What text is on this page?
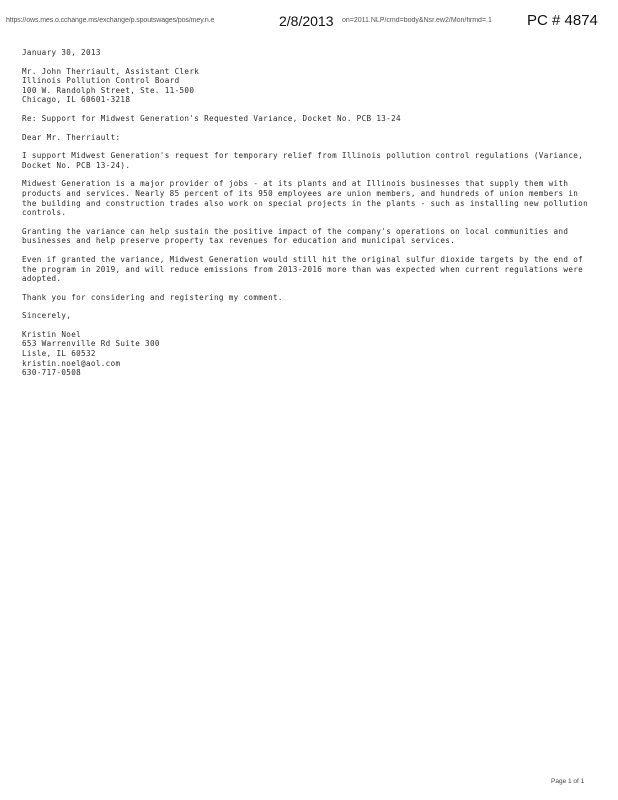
https://ows.mes.o.cchange.ms/exchange/p.spoutswages/pos/mey.n.e	2/8/2013 on=2011.NLP/cmd=body&Nsr.ew2/Mon/firmd=.1	PC # 4874
January 30, 2013
Mr. John Therriault, Assistant Clerk
Illinois Pollution Control Board
100 W. Randolph Street, Ste. 11-500
Chicago, IL 60601-3218
Re: Support for Midwest Generation's Requested Variance, Docket No. PCB 13-24
Dear Mr. Therriault:

I support Midwest Generation's request for temporary relief from Illinois pollution control regulations (Variance, Docket No. PCB 13-24).

Midwest Generation is a major provider of jobs - at its plants and at Illinois businesses that supply them with products and services. Nearly 85 percent of its 950 employees are union members, and hundreds of union members in the building and construction trades also work on special projects in the plants - such as installing new pollution controls.

Granting the variance can help sustain the positive impact of the company's operations on local communities and businesses and help preserve property tax revenues for education and municipal services.

Even if granted the variance, Midwest Generation would still hit the original sulfur dioxide targets by the end of the program in 2019, and will reduce emissions from 2013-2016 more than was expected when current regulations were adopted.

Thank you for considering and registering my comment.

Sincerely,
Kristin Noel
653 Warrenville Rd Suite 300
Lisle, IL 60532
kristin.noel@aol.com
630-717-0508
Page 1 of 1
